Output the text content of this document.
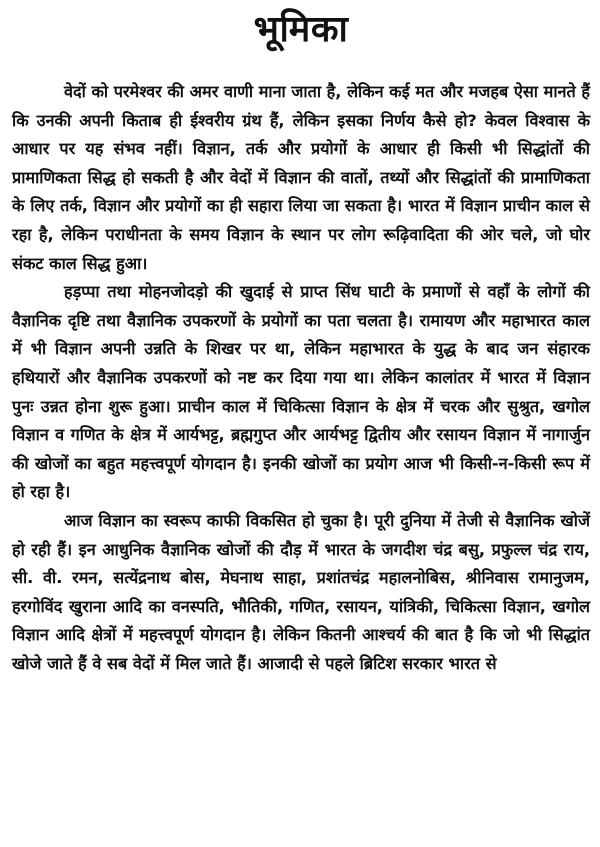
भूमिका

वेदों को परमेश्वर की अमर वाणी माना जाता है, लेकिन कई मत और मजहब ऐसा मानते हैं कि उनकी अपनी किताब ही ईश्वरीय ग्रंथ हैं, लेकिन इसका निर्णय कैसे हो? केवल विश्वास के आधार पर यह संभव नहीं। विज्ञान, तर्क और प्रयोगों के आधार ही किसी भी सिद्धांतों की प्रामाणिकता सिद्ध हो सकती है और वेदों में विज्ञान की वातों, तथ्यों और सिद्धांतों की प्रामाणिकता के लिए तर्क, विज्ञान और प्रयोगों का ही सहारा लिया जा सकता है। भारत में विज्ञान प्राचीन काल से रहा है, लेकिन पराधीनता के समय विज्ञान के स्थान पर लोग रूढ़िवादिता की ओर चले, जो घोर संकट काल सिद्ध हुआ।

हड़प्पा तथा मोहनजोदड़ो की खुदाई से प्राप्त सिंध घाटी के प्रमाणों से वहाँ के लोगों की वैज्ञानिक दृष्टि तथा वैज्ञानिक उपकरणों के प्रयोगों का पता चलता है। रामायण और महाभारत काल में भी विज्ञान अपनी उन्नति के शिखर पर था, लेकिन महाभारत के युद्ध के बाद जन संहारक हथियारों और वैज्ञानिक उपकरणों को नष्ट कर दिया गया था। लेकिन कालांतर में भारत में विज्ञान पुनः उन्नत होना शुरू हुआ। प्राचीन काल में चिकित्सा विज्ञान के क्षेत्र में चरक और सुश्रुत, खगोल विज्ञान व गणित के क्षेत्र में आर्यभट्ट, ब्रह्मगुप्त और आर्यभट्ट द्वितीय और रसायन विज्ञान में नागार्जुन की खोजों का बहुत महत्त्वपूर्ण योगदान है। इनकी खोजों का प्रयोग आज भी किसी-न-किसी रूप में हो रहा है।

आज विज्ञान का स्वरूप काफी विकसित हो चुका है। पूरी दुनिया में तेजी से वैज्ञानिक खोजें हो रही हैं। इन आधुनिक वैज्ञानिक खोजों की दौड़ में भारत के जगदीश चंद्र बसु, प्रफुल्ल चंद्र राय, सी. वी. रमन, सत्येंद्रनाथ बोस, मेघनाथ साहा, प्रशांतचंद्र महालनोबिस, श्रीनिवास रामानुजम, हरगोविंद खुराना आदि का वनस्पति, भौतिकी, गणित, रसायन, यांत्रिकी, चिकित्सा विज्ञान, खगोल विज्ञान आदि क्षेत्रों में महत्त्वपूर्ण योगदान है। लेकिन कितनी आश्चर्य की बात है कि जो भी सिद्धांत खोजे जाते हैं वे सब वेदों में मिल जाते हैं। आजादी से पहले ब्रिटिश सरकार भारत से
